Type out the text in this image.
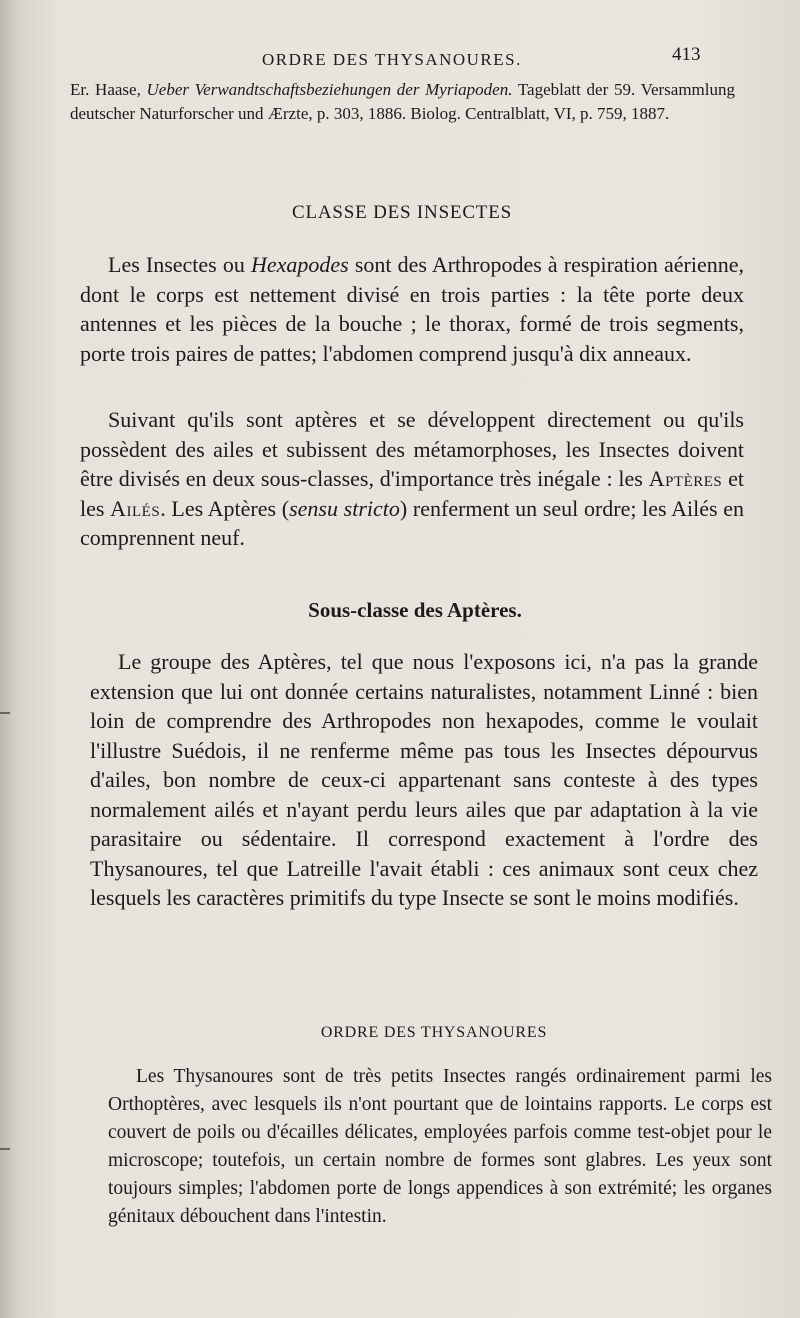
ORDRE DES THYSANOURES.	413

Er. Haase, Ueber Verwandtschaftsbeziehungen der Myriapoden. Tageblatt der 59. Versammlung deutscher Naturforscher und Ærzte, p. 303, 1886. Biolog. Centralblatt, VI, p. 759, 1887.

CLASSE DES INSECTES

Les Insectes ou Hexapodes sont des Arthropodes à respiration aérienne, dont le corps est nettement divisé en trois parties : la tête porte deux antennes et les pièces de la bouche ; le thorax, formé de trois segments, porte trois paires de pattes; l'abdomen comprend jusqu'à dix anneaux.

Suivant qu'ils sont aptères et se développent directement ou qu'ils possèdent des ailes et subissent des métamorphoses, les Insectes doivent être divisés en deux sous-classes, d'importance très inégale : les Aptères et les Ailés. Les Aptères (sensu stricto) renferment un seul ordre; les Ailés en comprennent neuf.

Sous-classe des Aptères.

Le groupe des Aptères, tel que nous l'exposons ici, n'a pas la grande extension que lui ont donnée certains naturalistes, notamment Linné : bien loin de comprendre des Arthropodes non hexapodes, comme le voulait l'illustre Suédois, il ne renferme même pas tous les Insectes dépourvus d'ailes, bon nombre de ceux-ci appartenant sans conteste à des types normalement ailés et n'ayant perdu leurs ailes que par adaptation à la vie parasitaire ou sédentaire. Il correspond exactement à l'ordre des Thysanoures, tel que Latreille l'avait établi : ces animaux sont ceux chez lesquels les caractères primitifs du type Insecte se sont le moins modifiés.

ORDRE DES THYSANOURES

Les Thysanoures sont de très petits Insectes rangés ordinairement parmi les Orthoptères, avec lesquels ils n'ont pourtant que de lointains rapports. Le corps est couvert de poils ou d'écailles délicates, employées parfois comme test-objet pour le microscope; toutefois, un certain nombre de formes sont glabres. Les yeux sont toujours simples; l'abdomen porte de longs appendices à son extrémité; les organes génitaux débouchent dans l'intestin.
